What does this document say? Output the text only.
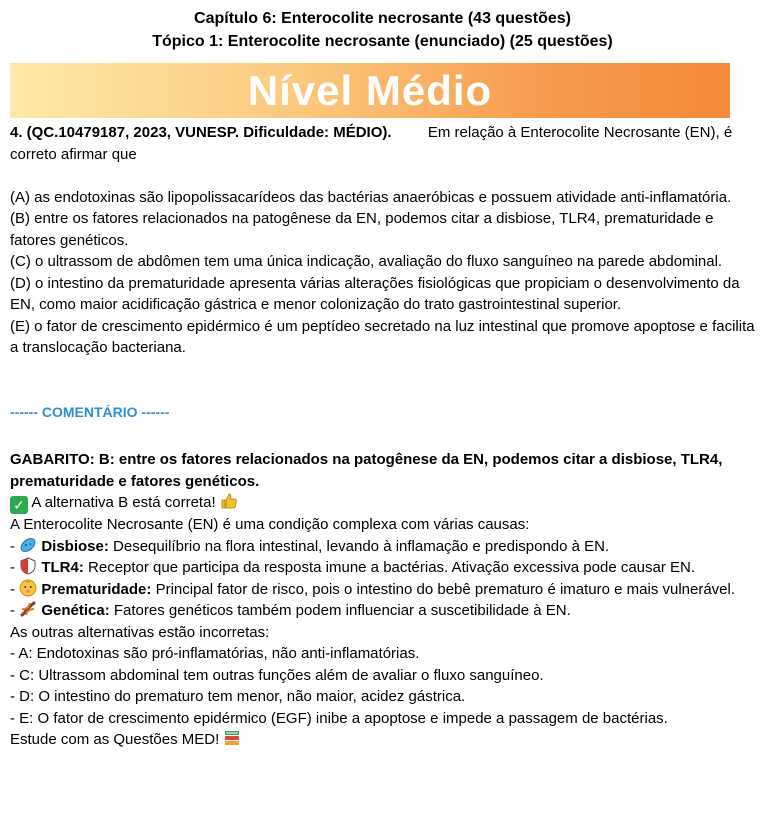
Capítulo 6: Enterocolite necrosante (43 questões)
Tópico 1: Enterocolite necrosante (enunciado) (25 questões)
Nível Médio
4. (QC.10479187, 2023, VUNESP. Dificuldade: MÉDIO). Em relação à Enterocolite Necrosante (EN), é correto afirmar que

(A) as endotoxinas são lipopolissacarídeos das bactérias anaeróbicas e possuem atividade anti-inflamatória.

(B) entre os fatores relacionados na patogênese da EN, podemos citar a disbiose, TLR4, prematuridade e fatores genéticos.

(C) o ultrassom de abdômen tem uma única indicação, avaliação do fluxo sanguíneo na parede abdominal.

(D) o intestino da prematuridade apresenta várias alterações fisiológicas que propiciam o desenvolvimento da EN, como maior acidificação gástrica e menor colonização do trato gastrointestinal superior.

(E) o fator de crescimento epidérmico é um peptídeo secretado na luz intestinal que promove apoptose e facilita a translocação bacteriana.

------ COMENTÁRIO ------
GABARITO: B: entre os fatores relacionados na patogênese da EN, podemos citar a disbiose, TLR4, prematuridade e fatores genéticos.

✓ A alternativa B está correta!

A Enterocolite Necrosante (EN) é uma condição complexa com várias causas:

-  Disbiose: Desequilíbrio na flora intestinal, levando à inflamação e predispondo à EN.

-  TLR4: Receptor que participa da resposta imune a bactérias. Ativação excessiva pode causar EN.

-  Prematuridade: Principal fator de risco, pois o intestino do bebê prematuro é imaturo e mais vulnerável.

-  Genética: Fatores genéticos também podem influenciar a suscetibilidade à EN.

As outras alternativas estão incorretas:

- A: Endotoxinas são pró-inflamatórias, não anti-inflamatórias.

- C: Ultrassom abdominal tem outras funções além de avaliar o fluxo sanguíneo.

- D: O intestino do prematuro tem menor, não maior, acidez gástrica.

- E: O fator de crescimento epidérmico (EGF) inibe a apoptose e impede a passagem de bactérias.

Estude com as Questões MED!
